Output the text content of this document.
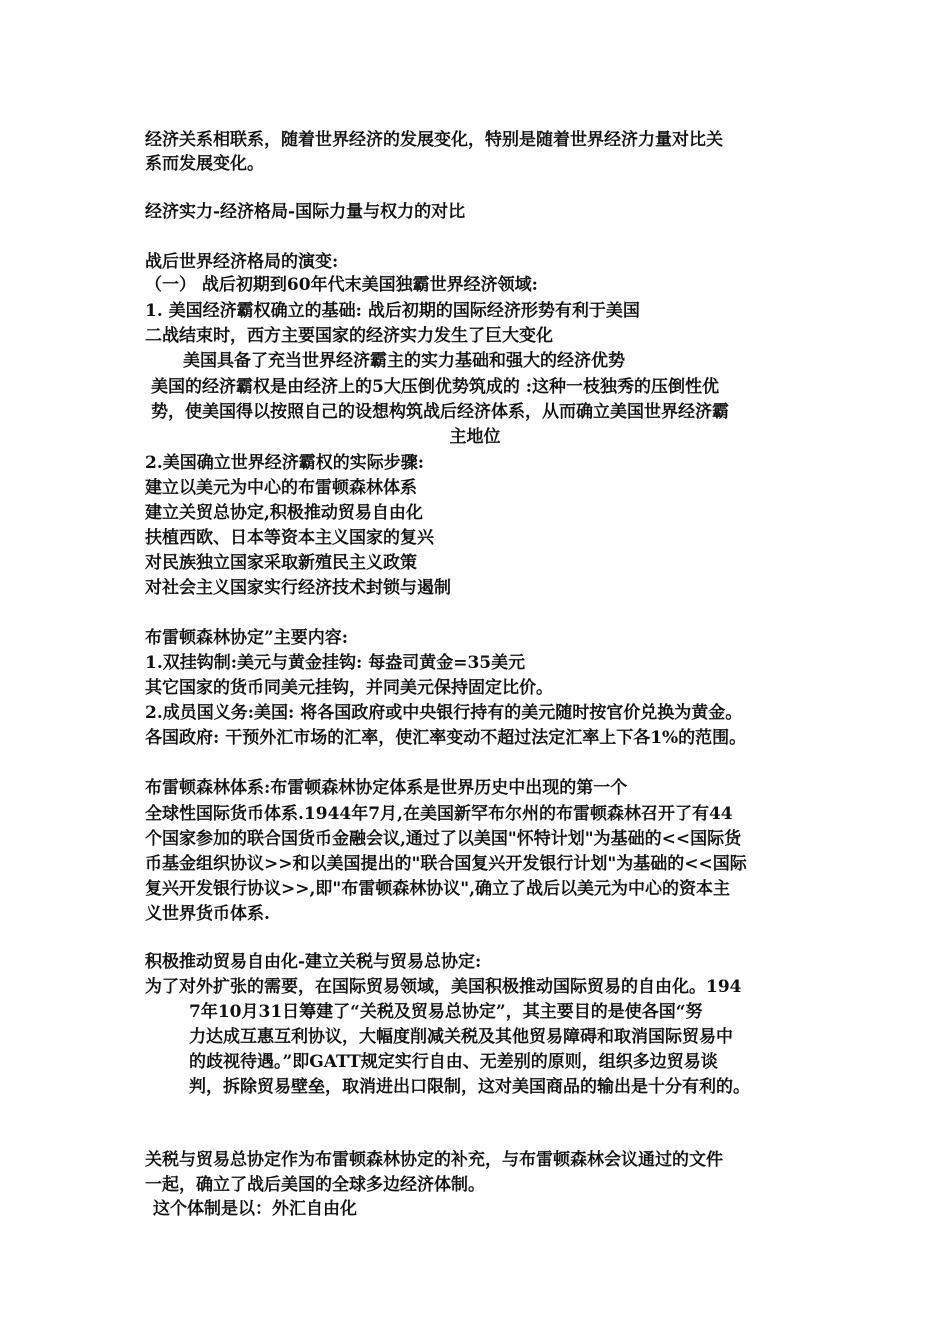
经济关系相联系，随着世界经济的发展变化，特别是随着世界经济力量对比关
系而发展变化。
经济实力-经济格局-国际力量与权力的对比
战后世界经济格局的演变:
（一） 战后初期到60年代末美国独霸世界经济领域:
1. 美国经济霸权确立的基础: 战后初期的国际经济形势有利于美国
二战结束时，西方主要国家的经济实力发生了巨大变化
美国具备了充当世界经济霸主的实力基础和强大的经济优势
美国的经济霸权是由经济上的5大压倒优势筑成的 :这种一枝独秀的压倒性优
势，使美国得以按照自己的设想构筑战后经济体系，从而确立美国世界经济霸
主地位
2.美国确立世界经济霸权的实际步骤:
建立以美元为中心的布雷顿森林体系
建立关贸总协定,积极推动贸易自由化
扶植西欧、日本等资本主义国家的复兴
对民族独立国家采取新殖民主义政策
对社会主义国家实行经济技术封锁与遏制
布雷顿森林协定”主要内容:
1.双挂钩制:美元与黄金挂钩: 每盎司黄金=35美元
其它国家的货币同美元挂钩，并同美元保持固定比价。
2.成员国义务:美国: 将各国政府或中央银行持有的美元随时按官价兑换为黄金。
各国政府: 干预外汇市场的汇率，使汇率变动不超过法定汇率上下各1%的范围。
布雷顿森林体系:布雷顿森林协定体系是世界历史中出现的第一个
全球性国际货币体系.1944年7月,在美国新罕布尔州的布雷顿森林召开了有44
个国家参加的联合国货币金融会议,通过了以美国"怀特计划"为基础的<<国际货
币基金组织协议>>和以美国提出的"联合国复兴开发银行计划"为基础的<<国际
复兴开发银行协议>>,即"布雷顿森林协议",确立了战后以美元为中心的资本主
义世界货币体系.
积极推动贸易自由化-建立关税与贸易总协定:
为了对外扩张的需要，在国际贸易领域，美国积极推动国际贸易的自由化。194
7年10月31日筹建了“关税及贸易总协定”，其主要目的是使各国“努
力达成互惠互利协议，大幅度削减关税及其他贸易障碍和取消国际贸易中
的歧视待遇。”即GATT规定实行自由、无差别的原则，组织多边贸易谈
判，拆除贸易壁垒，取消进出口限制，这对美国商品的输出是十分有利的。
关税与贸易总协定作为布雷顿森林协定的补充，与布雷顿森林会议通过的文件
一起，确立了战后美国的全球多边经济体制。
这个体制是以：外汇自由化
